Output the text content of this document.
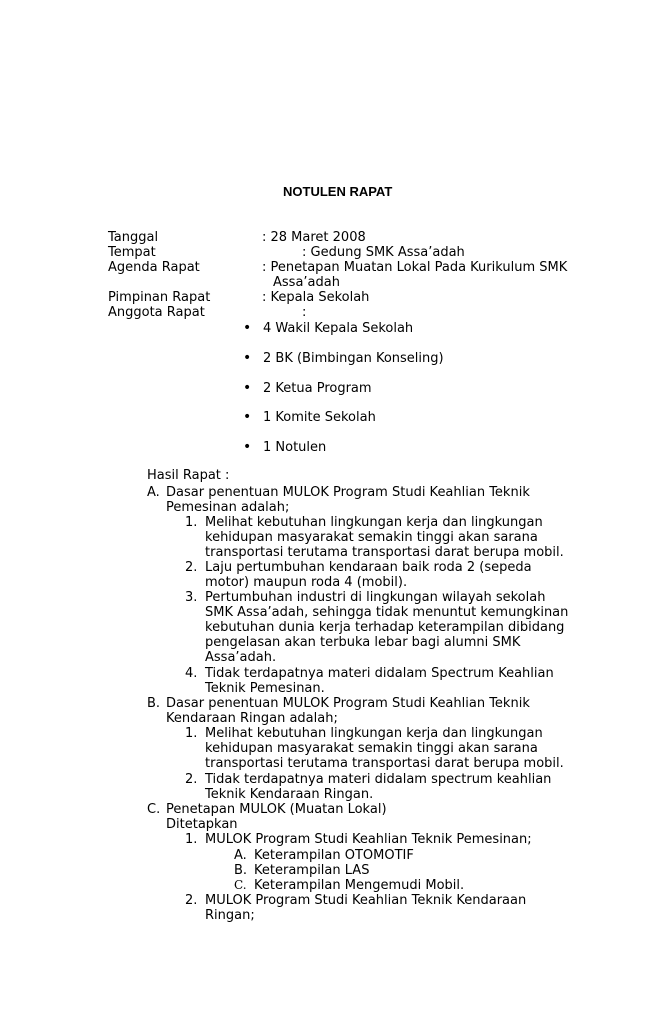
NOTULEN RAPAT
Tanggal	: 28 Maret 2008
Tempat	: Gedung SMK Assa’adah
Agenda Rapat	: Penetapan Muatan Lokal Pada Kurikulum SMK
Assa’adah
Pimpinan Rapat	: Kepala Sekolah
Anggota Rapat	:
• 4 Wakil Kepala Sekolah
• 2 BK (Bimbingan Konseling)
• 2 Ketua Program
• 1 Komite Sekolah
• 1 Notulen
Hasil Rapat :
A. Dasar penentuan MULOK Program Studi Keahlian Teknik
Pemesinan adalah;
1. Melihat kebutuhan lingkungan kerja dan lingkungan
kehidupan masyarakat semakin tinggi akan sarana
transportasi terutama transportasi darat berupa mobil.
2. Laju pertumbuhan kendaraan baik roda 2 (sepeda
motor) maupun roda 4 (mobil).
3. Pertumbuhan industri di lingkungan wilayah sekolah
SMK Assa’adah, sehingga tidak menuntut kemungkinan
kebutuhan dunia kerja terhadap keterampilan dibidang
pengelasan akan terbuka lebar bagi alumni SMK
Assa’adah.
4. Tidak terdapatnya materi didalam Spectrum Keahlian
Teknik Pemesinan.
B. Dasar penentuan MULOK Program Studi Keahlian Teknik
Kendaraan Ringan adalah;
1. Melihat kebutuhan lingkungan kerja dan lingkungan
kehidupan masyarakat semakin tinggi akan sarana
transportasi terutama transportasi darat berupa mobil.
2. Tidak terdapatnya materi didalam spectrum keahlian
Teknik Kendaraan Ringan.
C. Penetapan MULOK (Muatan Lokal)
Ditetapkan
1. MULOK Program Studi Keahlian Teknik Pemesinan;
A. Keterampilan OTOMOTIF
B. Keterampilan LAS
C. Keterampilan Mengemudi Mobil.
2. MULOK Program Studi Keahlian Teknik Kendaraan
Ringan;
